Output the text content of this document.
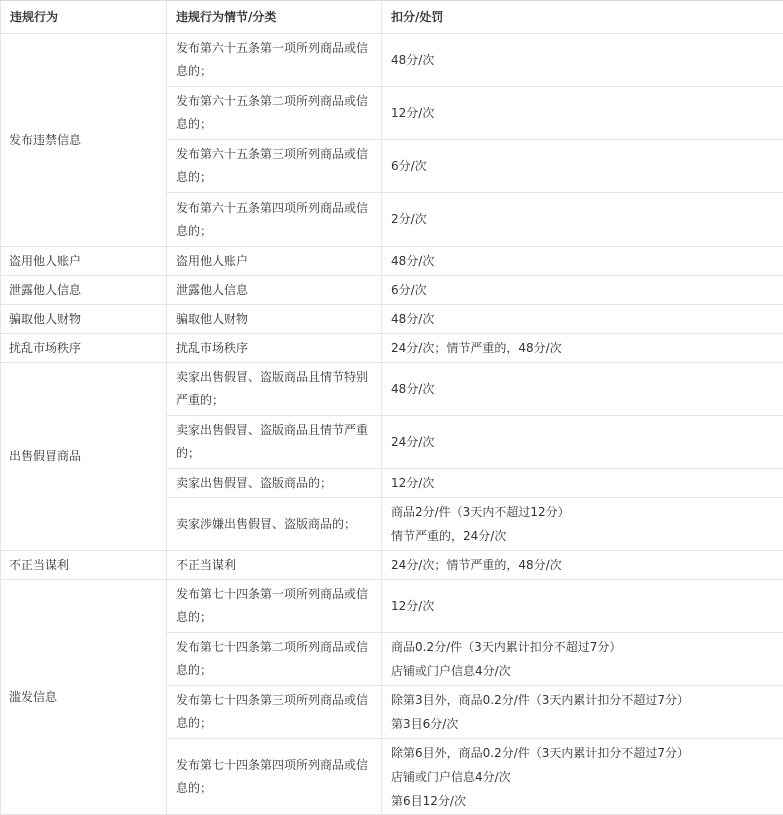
违规行为	违规行为情节/分类	扣分/处罚
发布违禁信息	发布第六十五条第一项所列商品或信息的；	48分/次

	发布第六十五条第二项所列商品或信息的；	12分/次

	发布第六十五条第三项所列商品或信息的；	6分/次

	发布第六十五条第四项所列商品或信息的；	2分/次

盗用他人账户	盗用他人账户	48分/次

泄露他人信息	泄露他人信息	6分/次

骗取他人财物	骗取他人财物	48分/次

扰乱市场秩序	扰乱市场秩序	24分/次；情节严重的，48分/次

出售假冒商品	卖家出售假冒、盗版商品且情节特别严重的；	48分/次

	卖家出售假冒、盗版商品且情节严重的；	24分/次

	卖家出售假冒、盗版商品的；	12分/次

	卖家涉嫌出售假冒、盗版商品的；	商品2分/件（3天内不超过12分）
情节严重的，24分/次

不正当谋利	不正当谋利	24分/次；情节严重的，48分/次

滥发信息	发布第七十四条第一项所列商品或信息的；	12分/次

	发布第七十四条第二项所列商品或信息的；	商品0.2分/件（3天内累计扣分不超过7分）
店铺或门户信息4分/次

	发布第七十四条第三项所列商品或信息的；	除第3目外，商品0.2分/件（3天内累计扣分不超过7分）
第3目6分/次

	发布第七十四条第四项所列商品或信息的；	除第6目外，商品0.2分/件（3天内累计扣分不超过7分）
店铺或门户信息4分/次
第6目12分/次
